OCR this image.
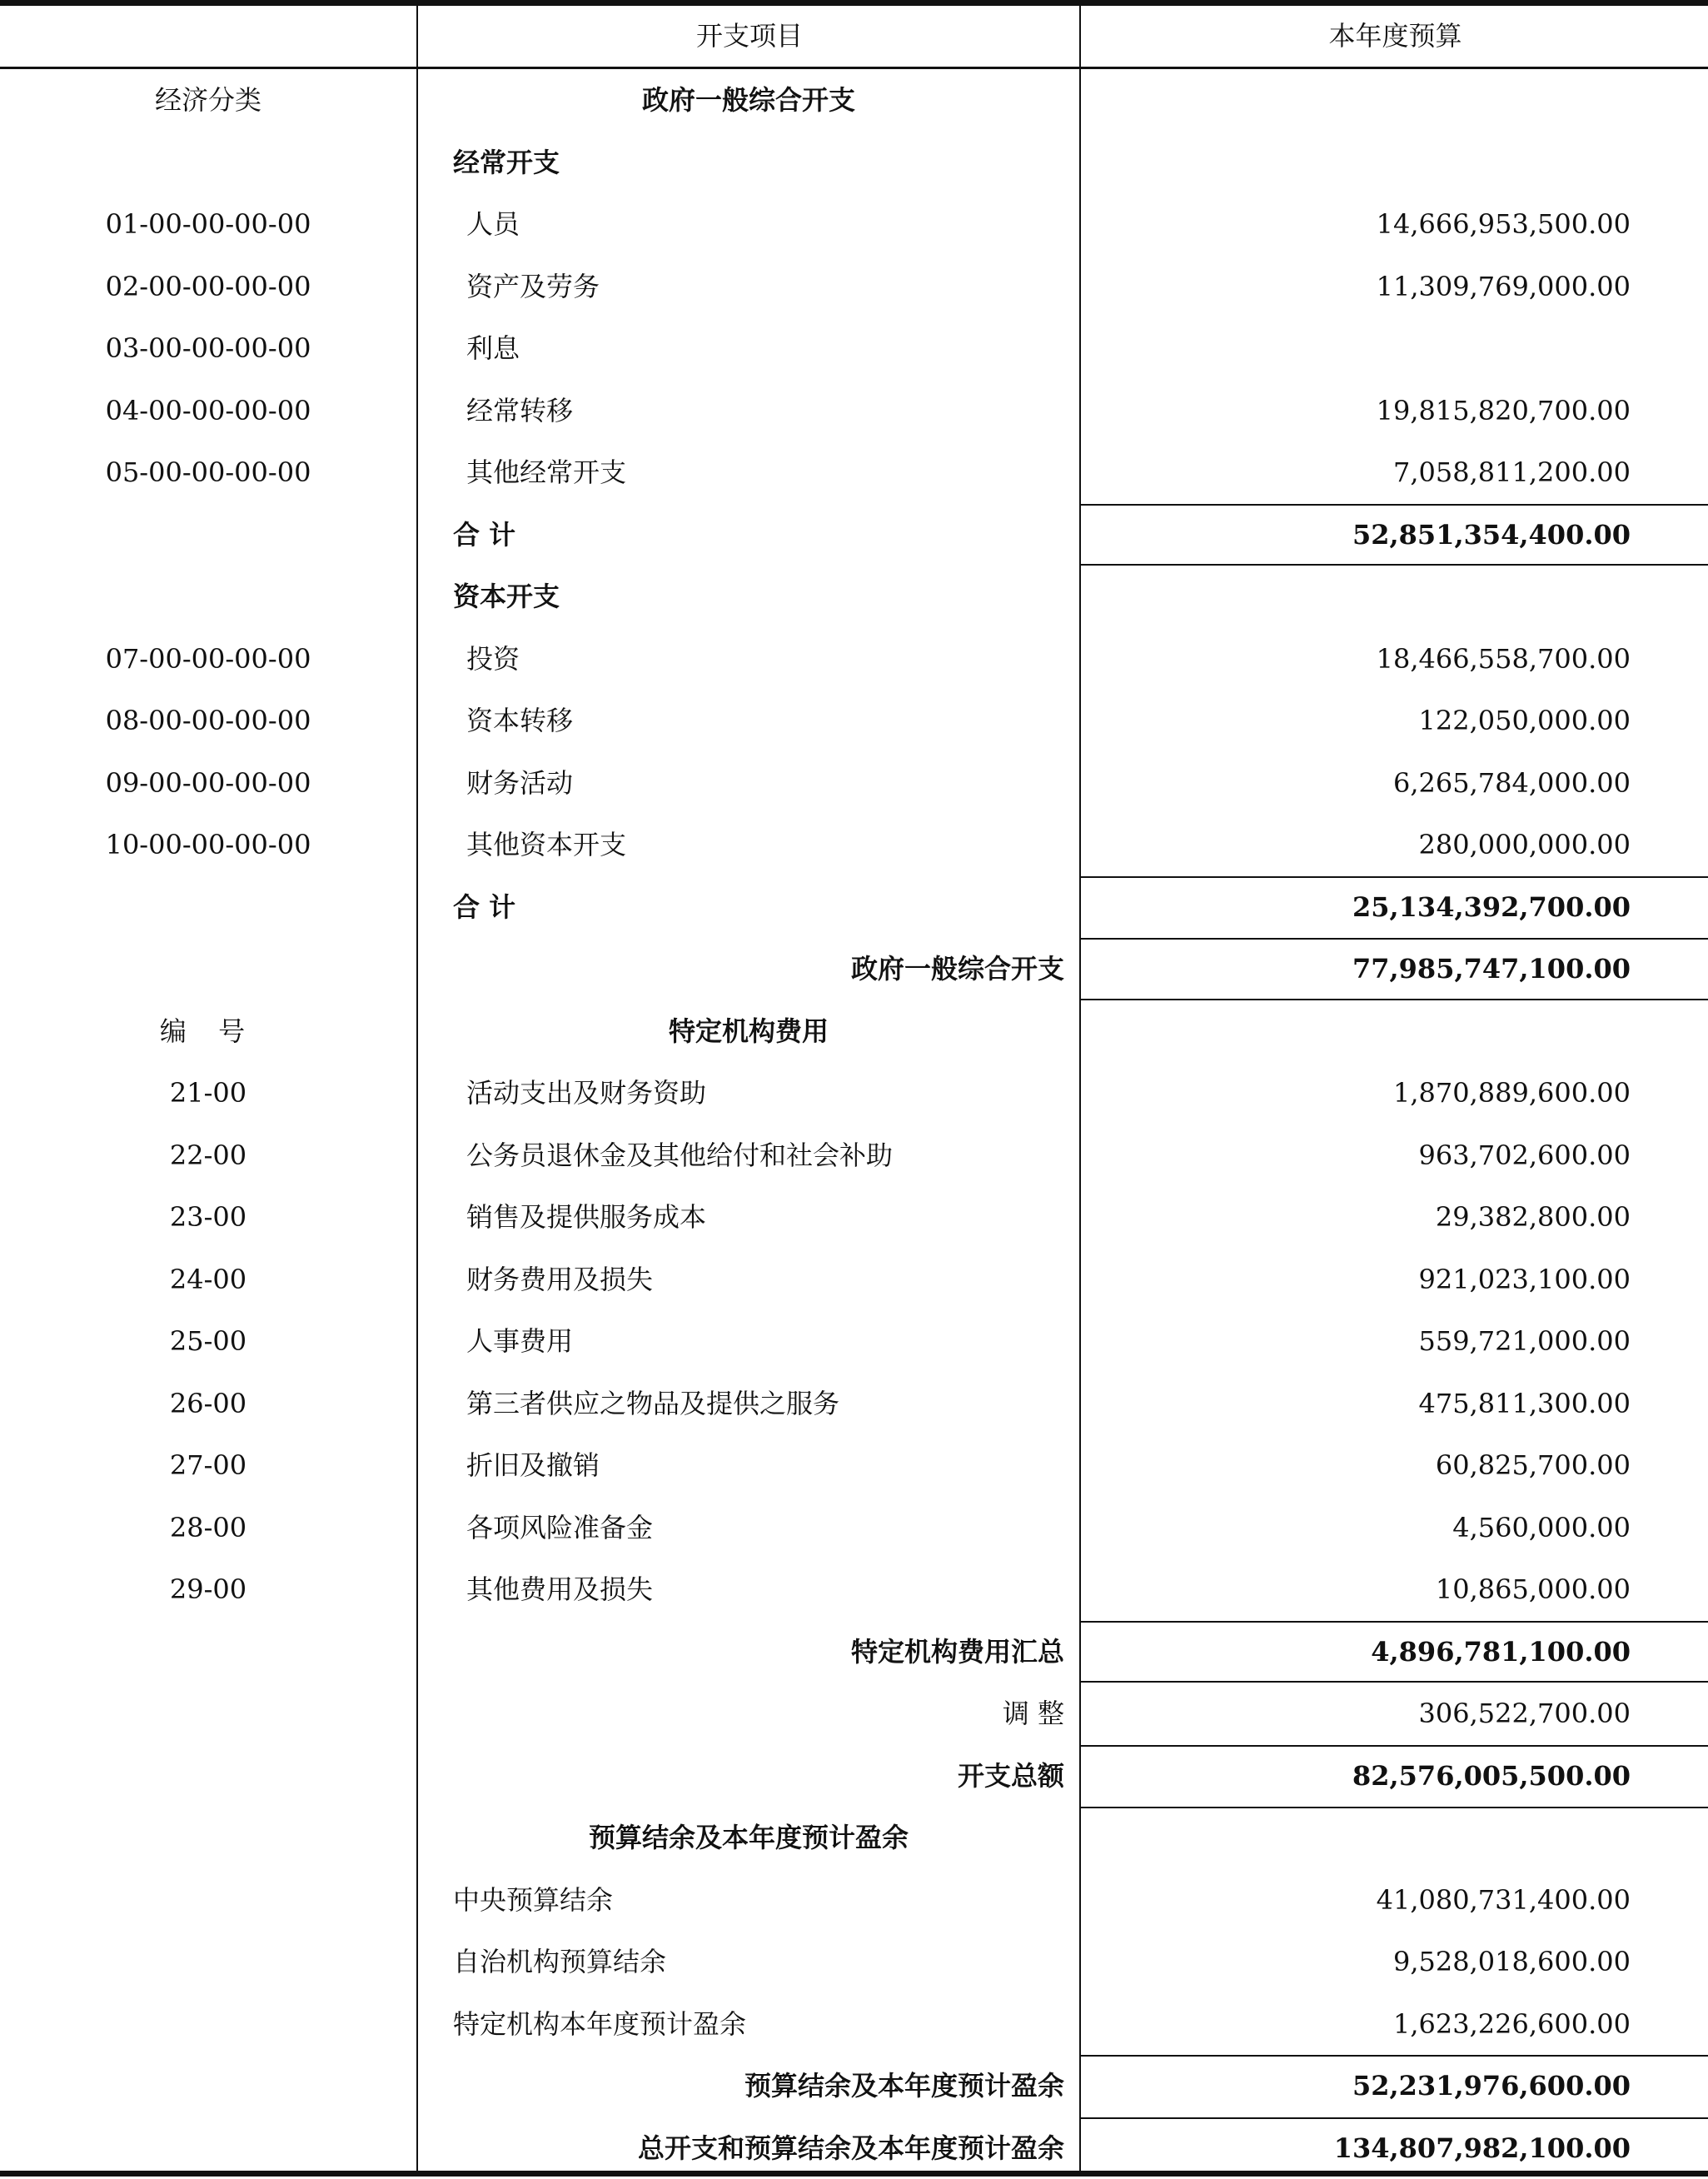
开支项目	本年度预算
经济分类	政府一般综合开支
经常开支
01-00-00-00-00	人员	14,666,953,500.00
02-00-00-00-00	资产及劳务	11,309,769,000.00
03-00-00-00-00	利息
04-00-00-00-00	经常转移	19,815,820,700.00
05-00-00-00-00	其他经常开支	7,058,811,200.00
合 计	52,851,354,400.00
资本开支
07-00-00-00-00	投资	18,466,558,700.00
08-00-00-00-00	资本转移	122,050,000.00
09-00-00-00-00	财务活动	6,265,784,000.00
10-00-00-00-00	其他资本开支	280,000,000.00
合 计	25,134,392,700.00
政府一般综合开支	77,985,747,100.00
编 号	特定机构费用
21-00	活动支出及财务资助	1,870,889,600.00
22-00	公务员退休金及其他给付和社会补助	963,702,600.00
23-00	销售及提供服务成本	29,382,800.00
24-00	财务费用及损失	921,023,100.00
25-00	人事费用	559,721,000.00
26-00	第三者供应之物品及提供之服务	475,811,300.00
27-00	折旧及撤销	60,825,700.00
28-00	各项风险准备金	4,560,000.00
29-00	其他费用及损失	10,865,000.00
特定机构费用汇总	4,896,781,100.00
调 整	306,522,700.00
开支总额	82,576,005,500.00
预算结余及本年度预计盈余
中央预算结余	41,080,731,400.00
自治机构预算结余	9,528,018,600.00
特定机构本年度预计盈余	1,623,226,600.00
预算结余及本年度预计盈余	52,231,976,600.00
总开支和预算结余及本年度预计盈余	134,807,982,100.00
